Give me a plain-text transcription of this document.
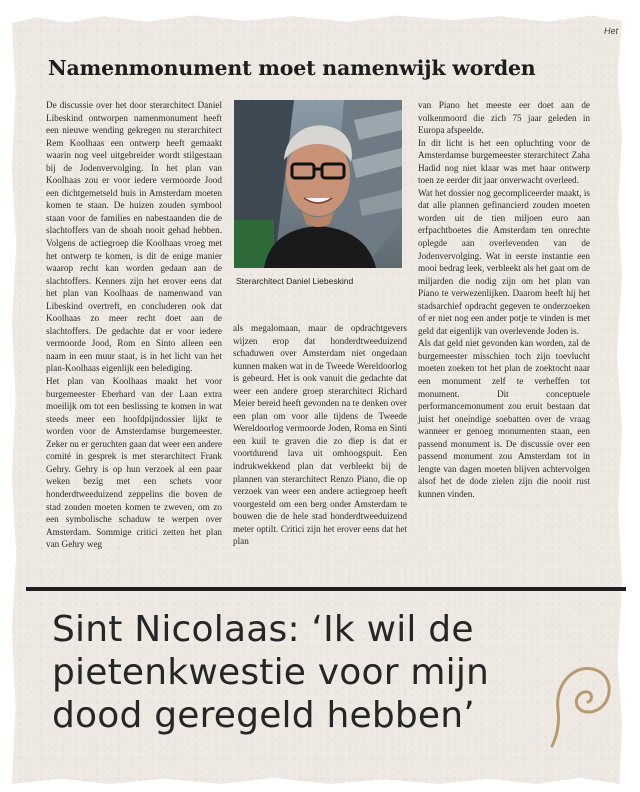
Het
Namenmonument moet namenwijk worden

De discussie over het door sterarchitect Daniel Libeskind ontworpen namenmonument heeft een nieuwe wending gekregen nu sterarchitect Rem Koolhaas een ontwerp heeft gemaakt waarin nog veel uitgebreider wordt stilgestaan bij de Jodenvervolging. In het plan van Koolhaas zou er voor iedere vermoorde Jood een dichtgemetseld huis in Amsterdam moeten komen te staan. De huizen zouden symbool staan voor de families en nabestaanden die de slachtoffers van de shoah nooit gehad hebben. Volgens de actiegroep die Koolhaas vroeg met het ontwerp te komen, is dit de enige manier waarop recht kan worden gedaan aan de slachtoffers. Kenners zijn het erover eens dat het plan van Koolhaas de namenwand van Libeskind overtreft, en concluderen ook dat Koolhaas zo meer recht doet aan de slachtoffers. De gedachte dat er voor iedere vermoorde Jood, Rom en Sinto alleen een naam in een muur staat, is in het licht van het plan-Koolhaas eigenlijk een belediging.

Het plan van Koolhaas maakt het voor burgemeester Eberhard van der Laan extra moeilijk om tot een beslissing te komen in wat steeds meer een hoofdpijndossier lijkt te worden voor de Amsterdamse burgemeester. Zeker nu er geruchten gaan dat weer een andere comité in gesprek is met sterarchitect Frank Gehry. Gehry is op hun verzoek al een paar weken bezig met een schets voor honderdtweeduizend zeppelins die boven de stad zouden moeten komen te zweven, om zo een symbolische schaduw te werpen over Amsterdam. Sommige critici zetten het plan van Gehry weg

Sterarchitect Daniel Liebeskind

als megalomaan, maar de opdrachtgevers wijzen erop dat honderdtweeduizend schaduwen over Amsterdam niet ongedaan kunnen maken wat in de Tweede Wereldoorlog is gebeurd. Het is ook vanuit die gedachte dat weer een andere groep sterarchitect Richard Meier bereid heeft gevonden na te denken over een plan om voor alle tijdens de Tweede Wereldoorlog vermoorde Joden, Roma en Sinti een kuil te graven die zo diep is dat er voortdurend lava uit omhoogspuit. Een indrukwekkend plan dat verbleekt bij de plannen van sterarchitect Renzo Piano, die op verzoek van weer een andere actiegroep heeft voorgesteld om een berg onder Amsterdam te bouwen die de hele stad honderdtweeduizend meter optilt. Critici zijn het erover eens dat het plan

van Piano het meeste eer doet aan de volkenmoord die zich 75 jaar geleden in Europa afspeelde.

In dit licht is het een opluchting voor de Amsterdamse burgemeester sterarchitect Zaha Hadid nog niet klaar was met haar ontwerp toen ze eerder dit jaar onverwacht overleed.

Wat het dossier nog gecompliceerder maakt, is dat alle plannen gefinancierd zouden moeten worden uit de tien miljoen euro aan erfpachtboetes die Amsterdam ten onrechte oplegde aan overlevenden van de Jodenvervolging. Wat in eerste instantie een mooi bedrag leek, verbleekt als het gaat om de miljarden die nodig zijn om het plan van Piano te verwezenlijken. Daarom heeft hij het stadsarchief opdracht gegeven te onderzoeken of er niet nog een ander potje te vinden is met geld dat eigenlijk van overlevende Joden is.

Als dat geld niet gevonden kan worden, zal de burgemeester misschien toch zijn toevlucht moeten zoeken tot het plan de zoektocht naar een monument zelf te verheffen tot monument. Dit conceptuele performancemonument zou eruit bestaan dat juist het oneindige soebatten over de vraag wanneer er genoeg monumenten staan, een passend monument is. De discussie over een passend monument zou Amsterdam tot in lengte van dagen moeten blijven achtervolgen alsof het de dode zielen zijn die nooit rust kunnen vinden.

Sint Nicolaas: ‘Ik wil de
pietenkwestie voor mijn
dood geregeld hebben’
